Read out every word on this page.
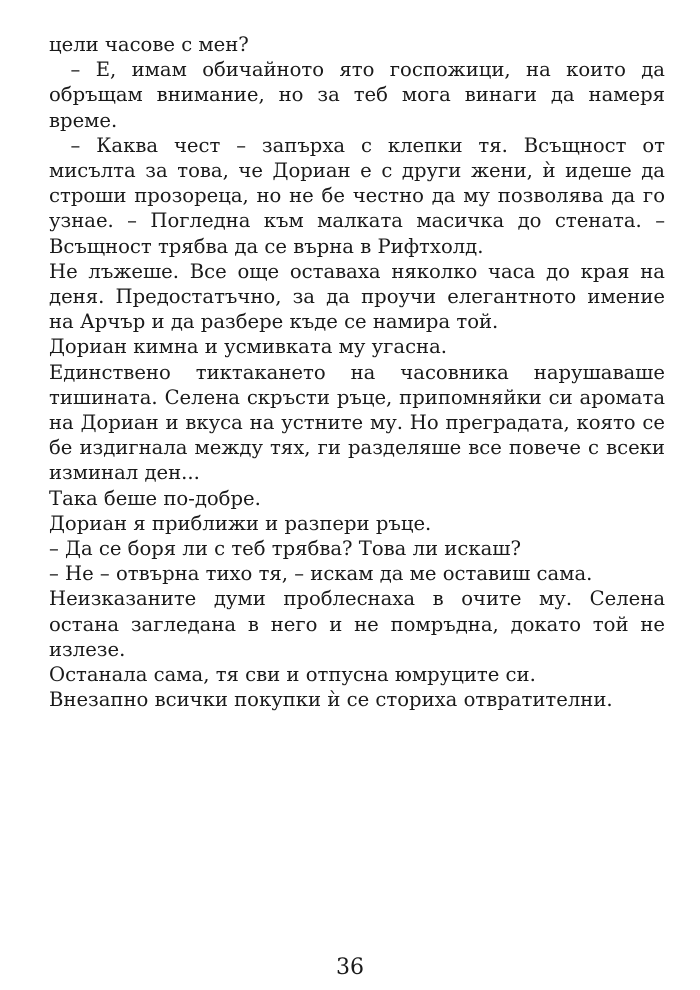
цели часове с мен?

– Е, имам обичайното ято госпожици, на които да обръщам внимание, но за теб мога винаги да намеря време.

– Каква чест – запърха с клепки тя. Всъщност от мисълта за това, че Дориан е с други жени, ѝ идеше да строши прозореца, но не бе честно да му позволява да го узнае. – Погледна към малката масичка до стената. – Всъщност трябва да се върна в Рифтхолд.

Не лъжеше. Все още оставаха няколко часа до края на деня. Предостатъчно, за да проучи елегантното имение на Арчър и да разбере къде се намира той.

Дориан кимна и усмивката му угасна.

Единствено тиктакането на часовника нарушаваше тишината. Селена скръсти ръце, припомняйки си аромата на Дориан и вкуса на устните му. Но преградата, която се бе издигнала между тях, ги разделяше все повече с всеки изминал ден...

Така беше по-добре.

Дориан я приближи и разпери ръце.

– Да се боря ли с теб трябва? Това ли искаш?

– Не – отвърна тихо тя, – искам да ме оставиш сама.

Неизказаните думи проблеснаха в очите му. Селена остана загледана в него и не помръдна, докато той не излезе.

Останала сама, тя сви и отпусна юмруците си.

Внезапно всички покупки ѝ се сториха отвратителни.

36
